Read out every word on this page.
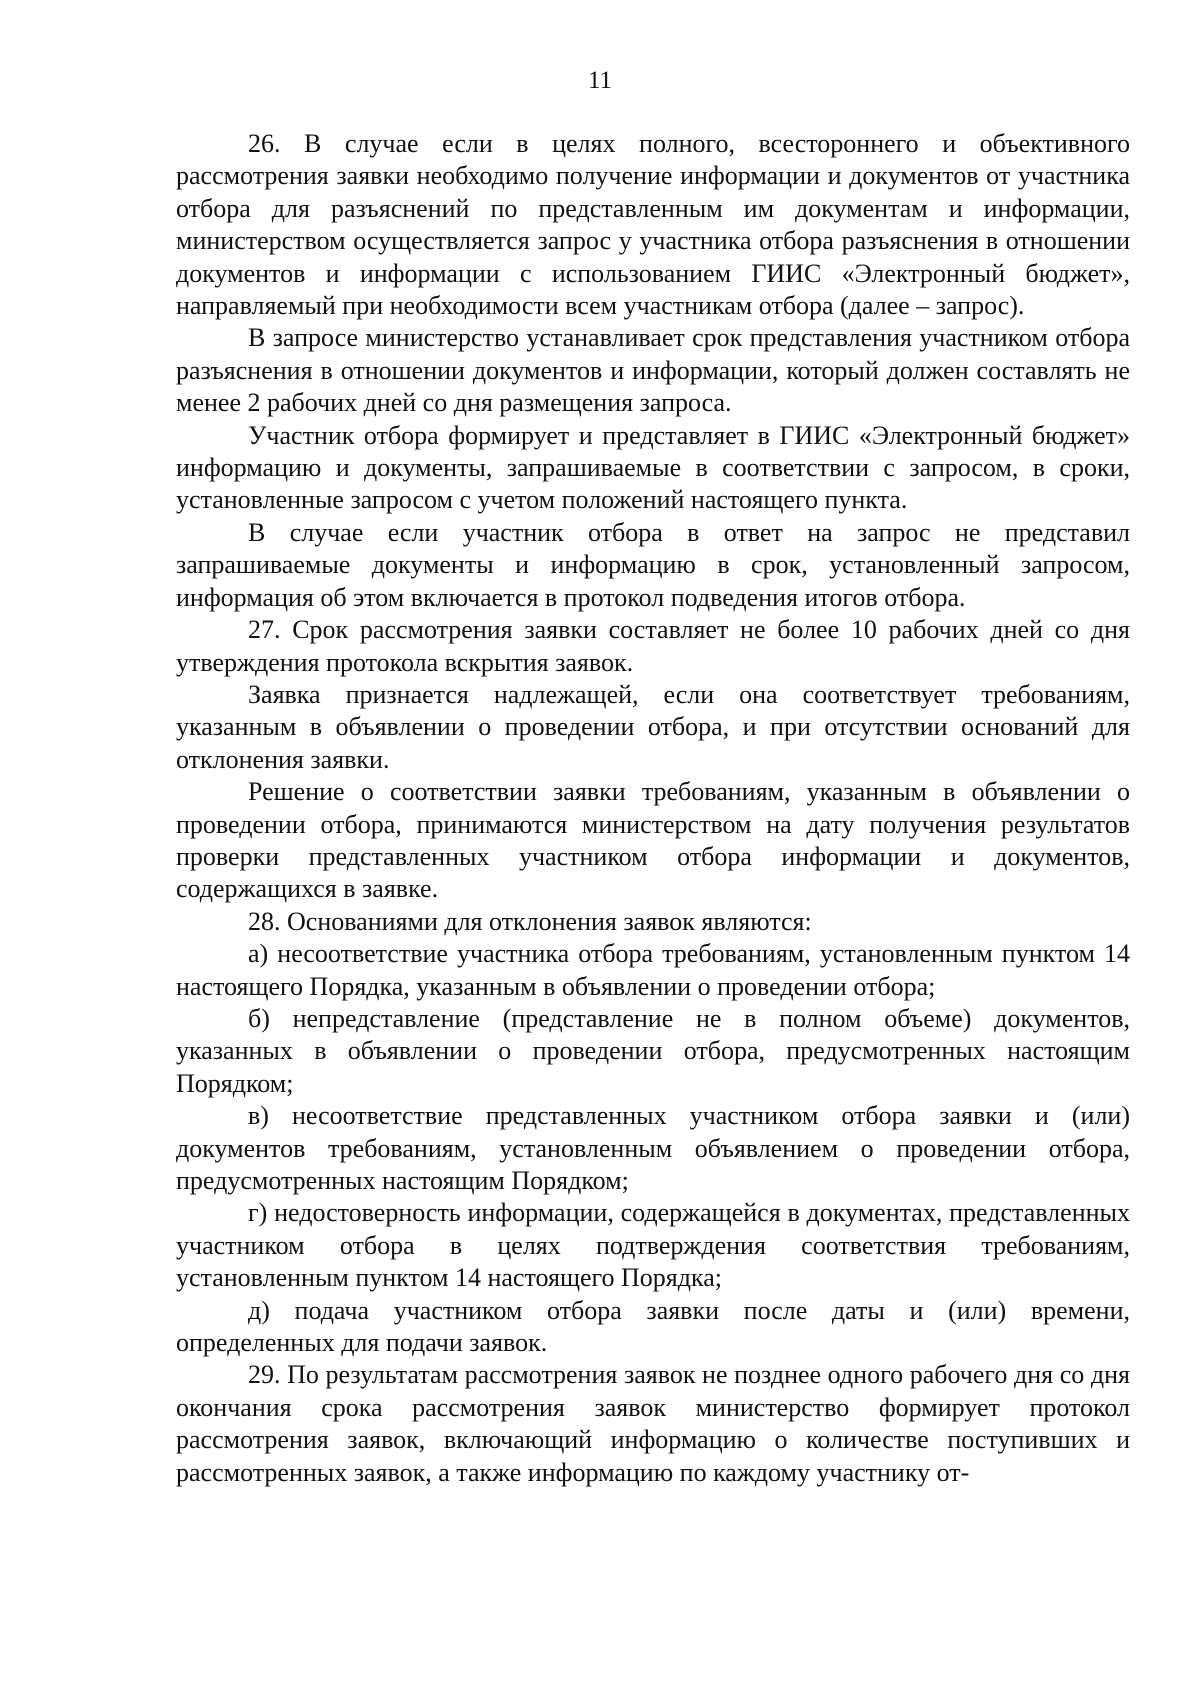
11

26. В случае если в целях полного, всестороннего и объективного рассмотрения заявки необходимо получение информации и документов от участника отбора для разъяснений по представленным им документам и информации, министерством осуществляется запрос у участника отбора разъяснения в отношении документов и информации с использованием ГИИС «Электронный бюджет», направляемый при необходимости всем участникам отбора (далее – запрос).

В запросе министерство устанавливает срок представления участником отбора разъяснения в отношении документов и информации, который должен составлять не менее 2 рабочих дней со дня размещения запроса.

Участник отбора формирует и представляет в ГИИС «Электронный бюджет» информацию и документы, запрашиваемые в соответствии с запросом, в сроки, установленные запросом с учетом положений настоящего пункта.

В случае если участник отбора в ответ на запрос не представил запрашиваемые документы и информацию в срок, установленный запросом, информация об этом включается в протокол подведения итогов отбора.

27. Срок рассмотрения заявки составляет не более 10 рабочих дней со дня утверждения протокола вскрытия заявок.

Заявка признается надлежащей, если она соответствует требованиям, указанным в объявлении о проведении отбора, и при отсутствии оснований для отклонения заявки.

Решение о соответствии заявки требованиям, указанным в объявлении о проведении отбора, принимаются министерством на дату получения результатов проверки представленных участником отбора информации и документов, содержащихся в заявке.

28. Основаниями для отклонения заявок являются:

а) несоответствие участника отбора требованиям, установленным пунктом 14 настоящего Порядка, указанным в объявлении о проведении отбора;

б) непредставление (представление не в полном объеме) документов, указанных в объявлении о проведении отбора, предусмотренных настоящим Порядком;

в) несоответствие представленных участником отбора заявки и (или) документов требованиям, установленным объявлением о проведении отбора, предусмотренных настоящим Порядком;

г) недостоверность информации, содержащейся в документах, представленных участником отбора в целях подтверждения соответствия требованиям, установленным пунктом 14 настоящего Порядка;

д) подача участником отбора заявки после даты и (или) времени, определенных для подачи заявок.

29. По результатам рассмотрения заявок не позднее одного рабочего дня со дня окончания срока рассмотрения заявок министерство формирует протокол рассмотрения заявок, включающий информацию о количестве поступивших и рассмотренных заявок, а также информацию по каждому участнику от-
